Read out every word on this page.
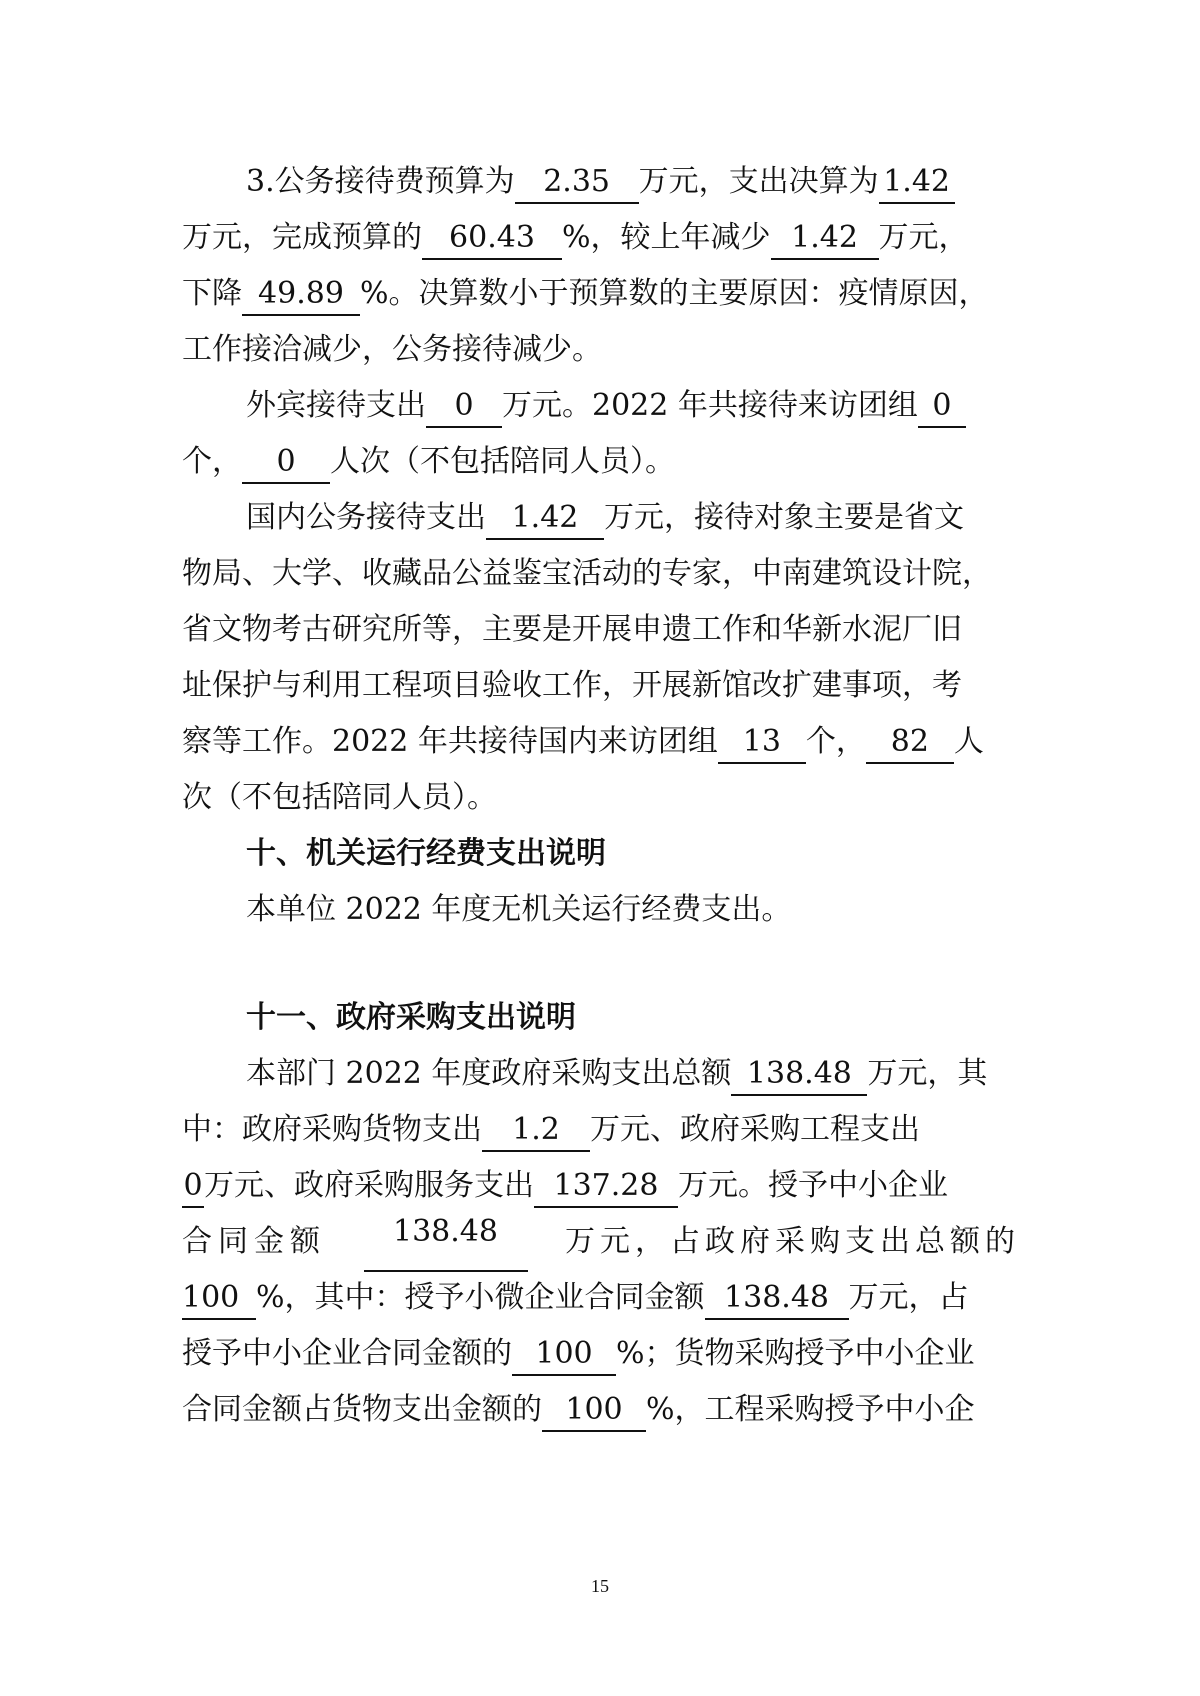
3.公务接待费预算为 2.35 万元，支出决算为 1.42
万元，完成预算的 60.43 %，较上年减少 1.42 万元，
下降 49.89 %。决算数小于预算数的主要原因：疫情原因，
工作接洽减少，公务接待减少。
外宾接待支出 0 万元。2022 年共接待来访团组 0
个， 0 人次（不包括陪同人员）。
国内公务接待支出 1.42 万元，接待对象主要是省文
物局、大学、收藏品公益鉴宝活动的专家，中南建筑设计院，
省文物考古研究所等，主要是开展申遗工作和华新水泥厂旧
址保护与利用工程项目验收工作，开展新馆改扩建事项，考
察等工作。2022 年共接待国内来访团组 13 个， 82 人
次（不包括陪同人员）。
十、机关运行经费支出说明
本单位 2022 年度无机关运行经费支出。
十一、政府采购支出说明
本部门 2022 年度政府采购支出总额 138.48 万元，其
中：政府采购货物支出 1.2 万元、政府采购工程支出
0万元、政府采购服务支出 137.28 万元。授予中小企业
合同金额	138.48	万元，占政府采购支出总额的
100 %，其中：授予小微企业合同金额 138.48 万元，占
授予中小企业合同金额的 100 %；货物采购授予中小企业
合同金额占货物支出金额的 100 %，工程采购授予中小企
15
